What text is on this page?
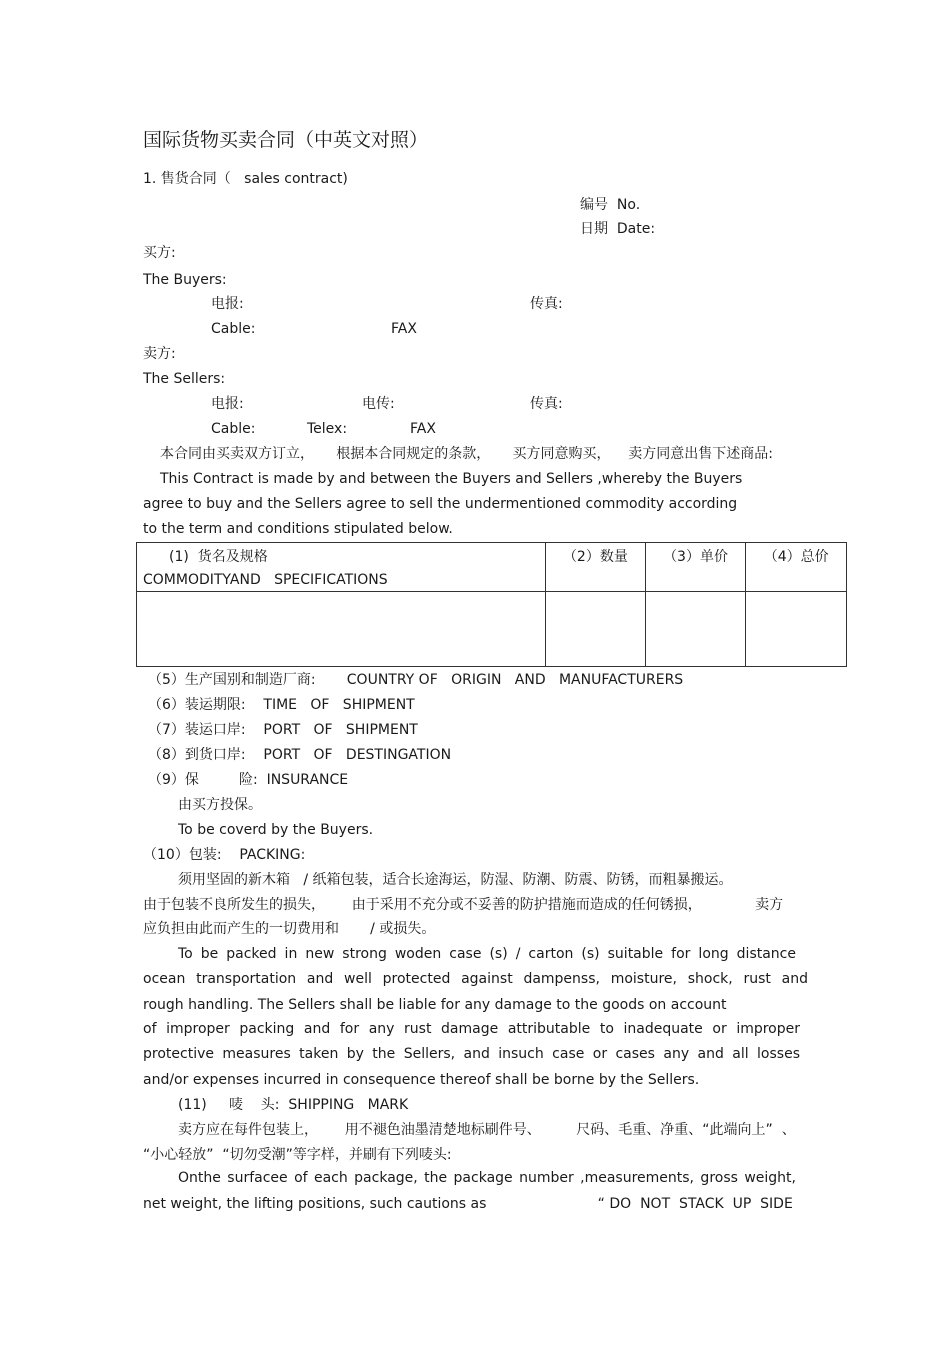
国际货物买卖合同（中英文对照）
1. 售货合同（   sales contract)
编号  No.
日期  Date:
买方:
The Buyers:
电报:	传真:
Cable:	FAX
卖方:
The Sellers:
电报:	电传:	传真:
Cable:	Telex:	FAX
本合同由买卖双方订立，     根据本合同规定的条款，     买方同意购买，    卖方同意出售下述商品:
This Contract is made by and between the Buyers and Sellers ,whereby the Buyers
agree to buy and the Sellers agree to sell the undermentioned commodity according
to the term and conditions stipulated below.
(1)  货名及规格
COMMODITYAND   SPECIFICATIONS	（2）数量	（3）单价	（4）总价

（5）生产国别和制造厂商:       COUNTRY OF   ORIGIN   AND   MANUFACTURERS
（6）装运期限:    TIME   OF   SHIPMENT
（7）装运口岸:    PORT   OF   SHIPMENT
（8）到货口岸:    PORT   OF   DESTINGATION
（9）保         险:  INSURANCE
由买方投保。
To be coverd by the Buyers.
（10）包装:    PACKING:
须用坚固的新木箱   / 纸箱包装，适合长途海运，防湿、防潮、防震、防锈，而粗暴搬运。
由于包装不良所发生的损失，      由于采用不充分或不妥善的防护措施而造成的任何锈损，            卖方
应负担由此而产生的一切费用和       / 或损失。
To be packed in new strong woden case (s) / carton (s) suitable for long distance
ocean transportation and well protected against dampenss, moisture, shock, rust and
rough handling. The Sellers shall be liable for any damage to the goods on account
of improper packing and for any rust damage attributable to inadequate or improper
protective measures taken by the Sellers, and insuch case or cases any and all losses
and/or expenses incurred in consequence thereof shall be borne by the Sellers.
(11)     唛    头:  SHIPPING   MARK
卖方应在每件包装上，      用不褪色油墨清楚地标刷件号、        尺码、毛重、净重、“此端向上”  、
“小心轻放”  “切勿受潮”等字样，并刷有下列唛头:
Onthe surfacee of each package, the package number ,measurements, gross weight,
net weight, the lifting positions, such cautions as                         “ DO  NOT  STACK  UP  SIDE
